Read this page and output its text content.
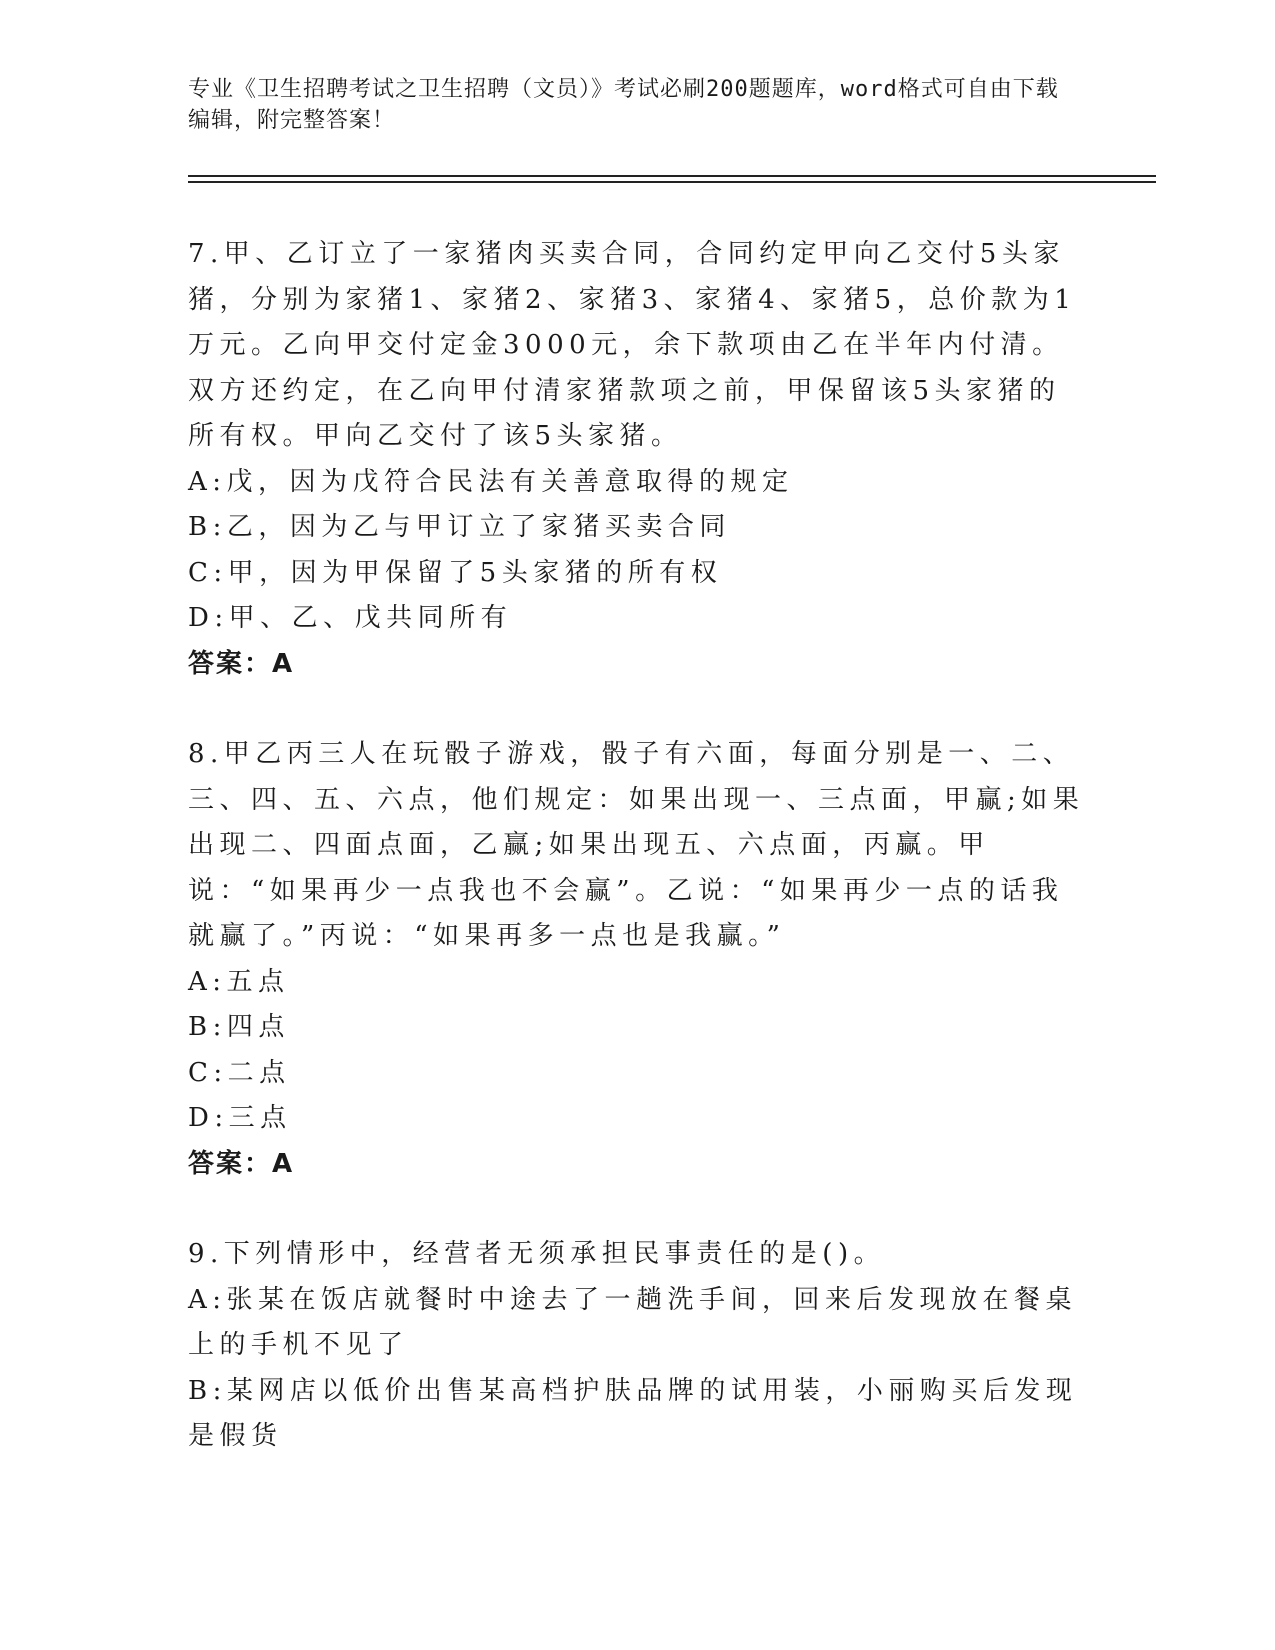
专业《卫生招聘考试之卫生招聘（文员）》考试必刷200题题库，word格式可自由下载编辑，附完整答案！

7.甲、乙订立了一家猪肉买卖合同，合同约定甲向乙交付5头家猪，分别为家猪1、家猪2、家猪3、家猪4、家猪5，总价款为1万元。乙向甲交付定金3000元，余下款项由乙在半年内付清。双方还约定，在乙向甲付清家猪款项之前，甲保留该5头家猪的所有权。甲向乙交付了该5头家猪。

A:戊，因为戊符合民法有关善意取得的规定

B:乙，因为乙与甲订立了家猪买卖合同

C:甲，因为甲保留了5头家猪的所有权

D:甲、乙、戊共同所有

答案：A

8.甲乙丙三人在玩骰子游戏，骰子有六面，每面分别是一、二、三、四、五、六点，他们规定：如果出现一、三点面，甲赢;如果出现二、四面点面，乙赢;如果出现五、六点面，丙赢。甲说：“如果再少一点我也不会赢”。乙说：“如果再少一点的话我就赢了。”丙说：“如果再多一点也是我赢。”

A:五点

B:四点

C:二点

D:三点

答案：A

9.下列情形中，经营者无须承担民事责任的是()。

A:张某在饭店就餐时中途去了一趟洗手间，回来后发现放在餐桌上的手机不见了

B:某网店以低价出售某高档护肤品牌的试用装，小丽购买后发现是假货
